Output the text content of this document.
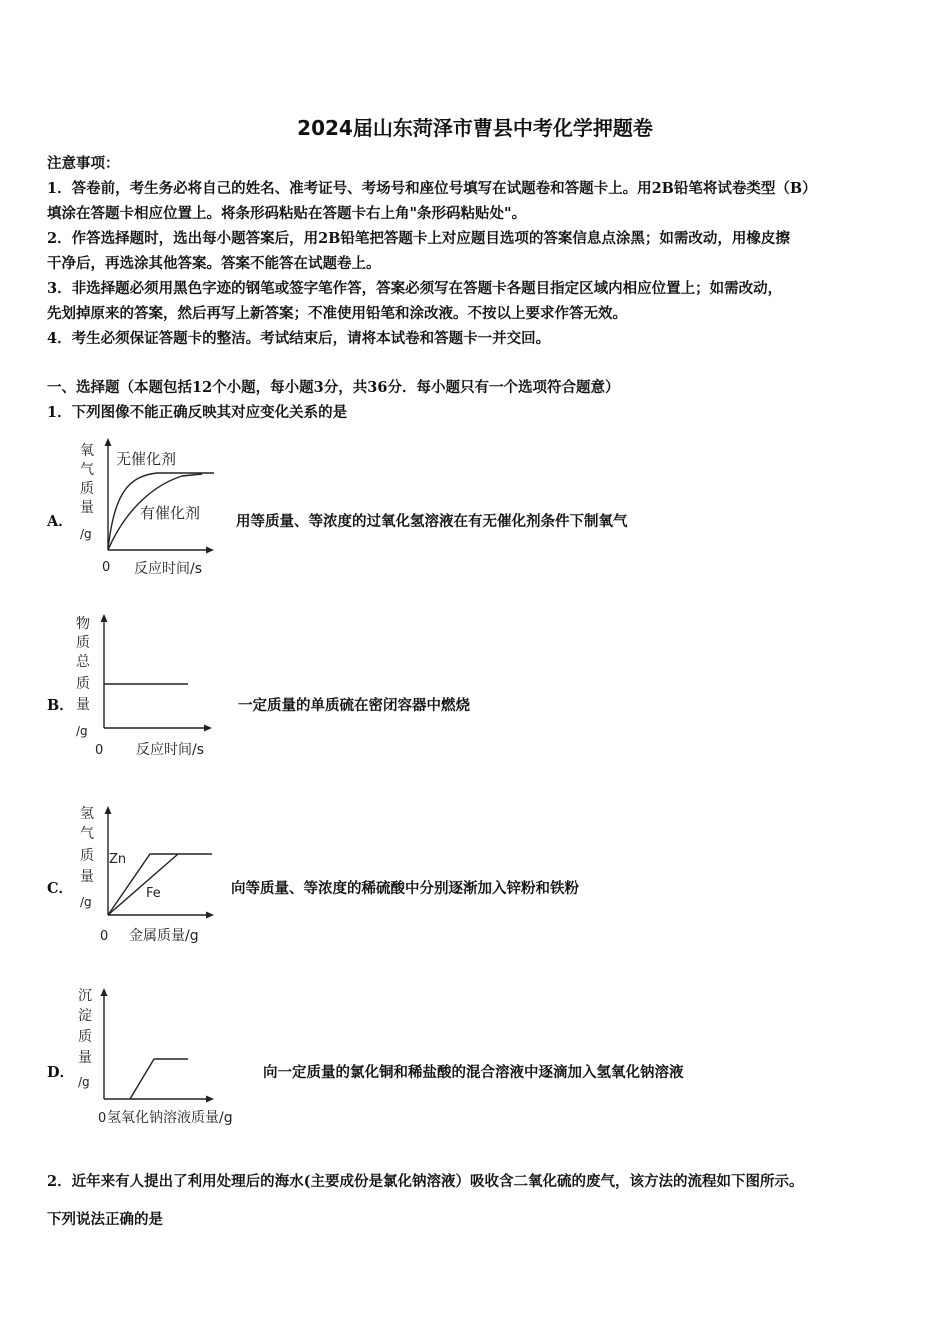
2024届山东菏泽市曹县中考化学押题卷
注意事项：
1．答卷前，考生务必将自己的姓名、准考证号、考场号和座位号填写在试题卷和答题卡上。用2B铅笔将试卷类型（B）
填涂在答题卡相应位置上。将条形码粘贴在答题卡右上角"条形码粘贴处"。
2．作答选择题时，选出每小题答案后，用2B铅笔把答题卡上对应题目选项的答案信息点涂黑；如需改动，用橡皮擦
干净后，再选涂其他答案。答案不能答在试题卷上。
3．非选择题必须用黑色字迹的钢笔或签字笔作答，答案必须写在答题卡各题目指定区域内相应位置上；如需改动，
先划掉原来的答案，然后再写上新答案；不准使用铅笔和涂改液。不按以上要求作答无效。
4．考生必须保证答题卡的整洁。考试结束后，请将本试卷和答题卡一并交回。
一、选择题（本题包括12个小题，每小题3分，共36分．每小题只有一个选项符合题意）
1．下列图像不能正确反映其对应变化关系的是
A．
氧
气
质
量
/g
无催化剂
有催化剂
0 反应时间/s
用等质量、等浓度的过氧化氢溶液在有无催化剂条件下制氧气
B．
物
质
总
质
量
/g
0 反应时间/s
一定质量的单质硫在密闭容器中燃烧
C．
氢
气
质
量
/g
Zn
Fe
0 金属质量/g
向等质量、等浓度的稀硫酸中分别逐渐加入锌粉和铁粉
D．
沉
淀
质
量
/g
0 氢氧化钠溶液质量/g
向一定质量的氯化铜和稀盐酸的混合溶液中逐滴加入氢氧化钠溶液
2．近年来有人提出了利用处理后的海水(主要成份是氯化钠溶液）吸收含二氧化硫的废气，该方法的流程如下图所示。
下列说法正确的是
